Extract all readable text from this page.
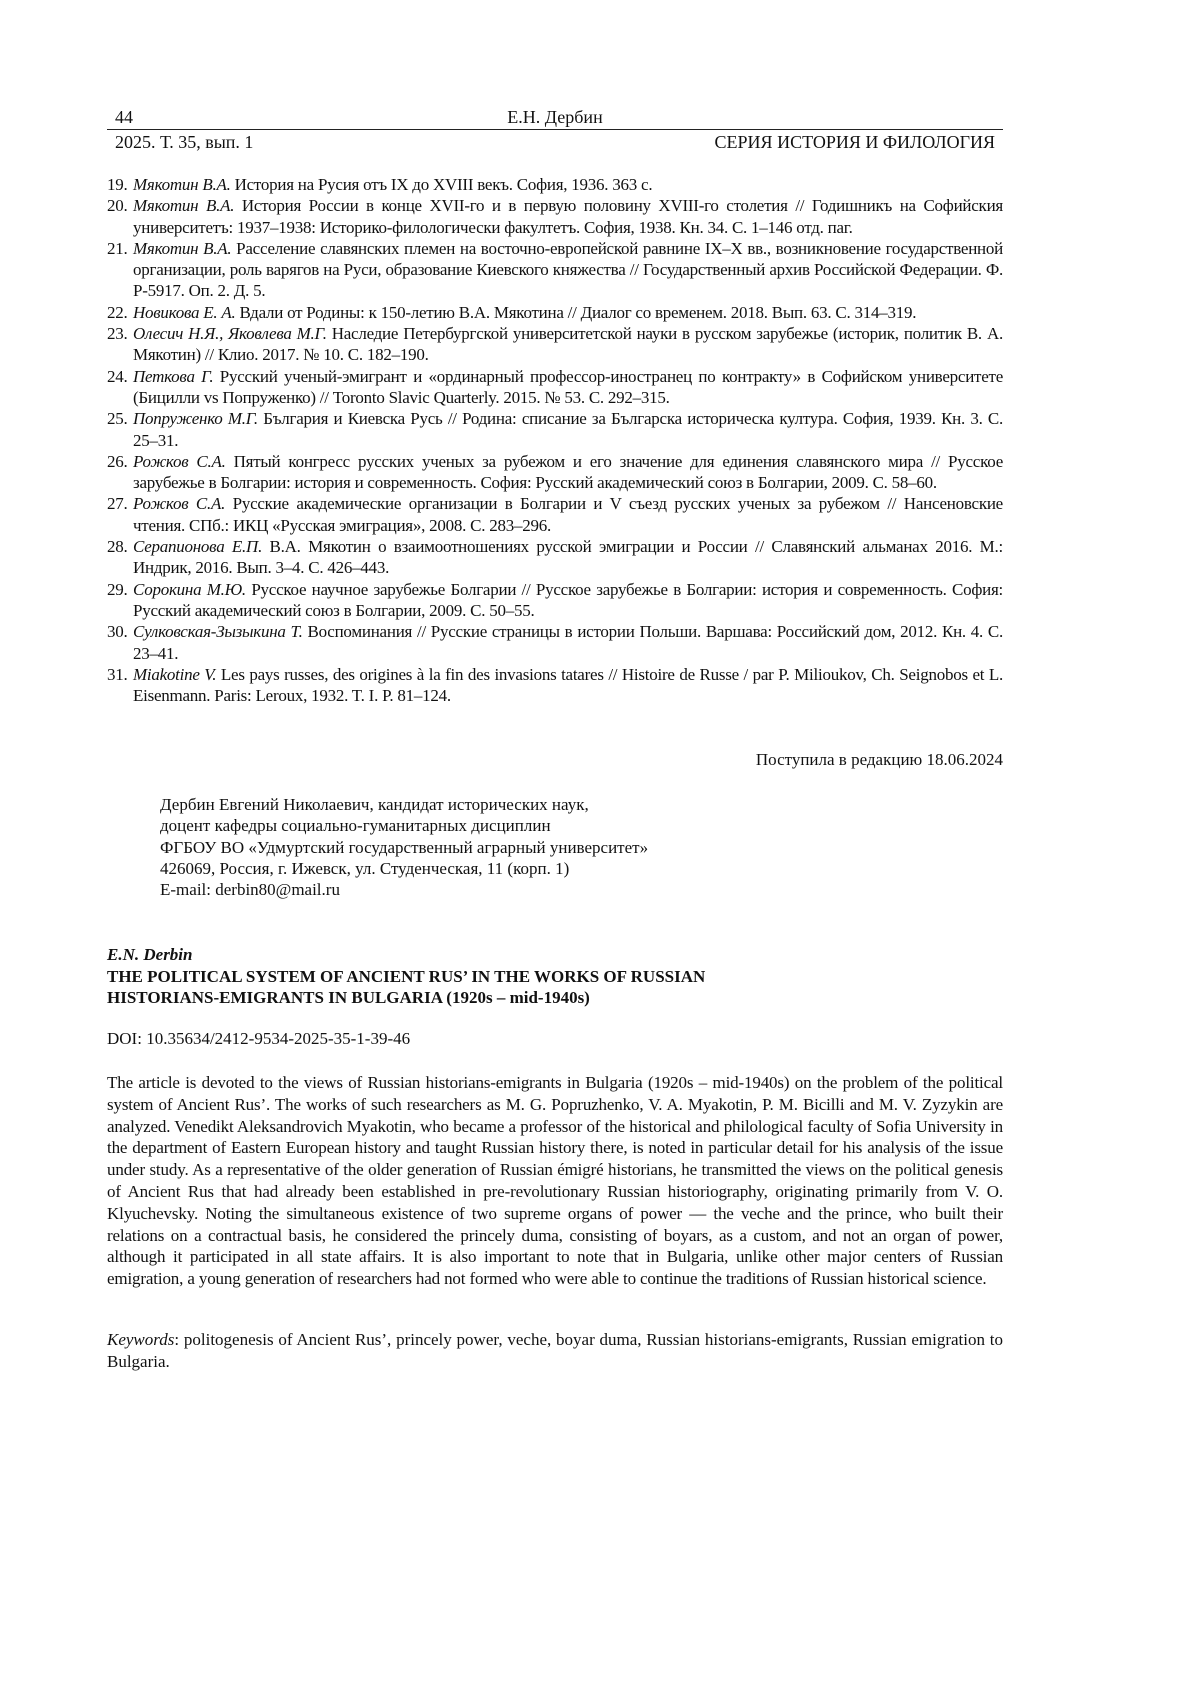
44	Е.Н. Дербин
2025. Т. 35, вып. 1	СЕРИЯ ИСТОРИЯ И ФИЛОЛОГИЯ
19. Мякотин В.А. История на Русия отъ IX до XVIII векъ. София, 1936. 363 с.
20. Мякотин В.А. История России в конце XVII-го и в первую половину XVIII-го столетия // Годишникъ на Софийския университетъ: 1937–1938: Историко-филологически факултетъ. София, 1938. Кн. 34. С. 1–146 отд. паг.
21. Мякотин В.А. Расселение славянских племен на восточно-европейской равнине IX–X вв., возникновение государственной организации, роль варягов на Руси, образование Киевского княжества // Государственный архив Российской Федерации. Ф. Р-5917. Оп. 2. Д. 5.
22. Новикова Е. А. Вдали от Родины: к 150-летию В.А. Мякотина // Диалог со временем. 2018. Вып. 63. С. 314–319.
23. Олесич Н.Я., Яковлева М.Г. Наследие Петербургской университетской науки в русском зарубежье (историк, политик В. А. Мякотин) // Клио. 2017. № 10. С. 182–190.
24. Петкова Г. Русский ученый-эмигрант и «ординарный профессор-иностранец по контракту» в Софийском университете (Бицилли vs Попруженко) // Toronto Slavic Quarterly. 2015. № 53. С. 292–315.
25. Попруженко М.Г. България и Киевска Русь // Родина: списание за Българска историческа култура. София, 1939. Кн. 3. С. 25–31.
26. Рожков С.А. Пятый конгресс русских ученых за рубежом и его значение для единения славянского мира // Русское зарубежье в Болгарии: история и современность. София: Русский академический союз в Болгарии, 2009. С. 58–60.
27. Рожков С.А. Русские академические организации в Болгарии и V съезд русских ученых за рубежом // Нансеновские чтения. СПб.: ИКЦ «Русская эмиграция», 2008. С. 283–296.
28. Серапионова Е.П. В.А. Мякотин о взаимоотношениях русской эмиграции и России // Славянский альманах 2016. М.: Индрик, 2016. Вып. 3–4. С. 426–443.
29. Сорокина М.Ю. Русское научное зарубежье Болгарии // Русское зарубежье в Болгарии: история и современность. София: Русский академический союз в Болгарии, 2009. С. 50–55.
30. Сулковская-Зызыкина Т. Воспоминания // Русские страницы в истории Польши. Варшава: Российский дом, 2012. Кн. 4. С. 23–41.
31. Miakotine V. Les pays russes, des origines à la fin des invasions tatares // Histoire de Russe / par P. Milioukov, Ch. Seignobos et L. Eisenmann. Paris: Leroux, 1932. T. I. P. 81–124.
Поступила в редакцию 18.06.2024
Дербин Евгений Николаевич, кандидат исторических наук,
доцент кафедры социально-гуманитарных дисциплин
ФГБОУ ВО «Удмуртский государственный аграрный университет»
426069, Россия, г. Ижевск, ул. Студенческая, 11 (корп. 1)
E-mail: derbin80@mail.ru
E.N. Derbin
THE POLITICAL SYSTEM OF ANCIENT RUS’ IN THE WORKS OF RUSSIAN
HISTORIANS-EMIGRANTS IN BULGARIA (1920s – mid-1940s)
DOI: 10.35634/2412-9534-2025-35-1-39-46
The article is devoted to the views of Russian historians-emigrants in Bulgaria (1920s – mid-1940s) on the problem of the political system of Ancient Rus’. The works of such researchers as M. G. Popruzhenko, V. A. Myakotin, P. M. Bicilli and M. V. Zyzykin are analyzed. Venedikt Aleksandrovich Myakotin, who became a professor of the historical and philological faculty of Sofia University in the department of Eastern European history and taught Russian history there, is noted in particular detail for his analysis of the issue under study. As a representative of the older generation of Russian émigré historians, he transmitted the views on the political genesis of Ancient Rus that had already been established in pre-revolutionary Russian historiography, originating primarily from V. O. Klyuchevsky. Noting the simultaneous existence of two supreme organs of power — the veche and the prince, who built their relations on a contractual basis, he considered the princely duma, consisting of boyars, as a custom, and not an organ of power, although it participated in all state affairs. It is also important to note that in Bulgaria, unlike other major centers of Russian emigration, a young generation of researchers had not formed who were able to continue the traditions of Russian historical science.
Keywords: politogenesis of Ancient Rus’, princely power, veche, boyar duma, Russian historians-emigrants, Russian emigration to Bulgaria.
